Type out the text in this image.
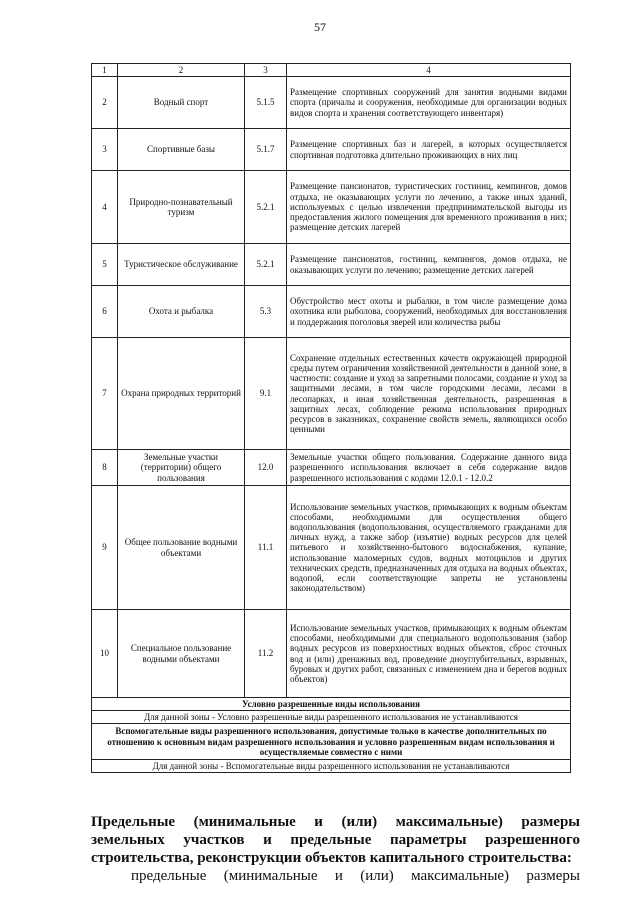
57
1	2	3	4
2	Водный спорт	5.1.5	Размещение спортивных сооружений для занятия водными видами спорта (причалы и сооружения, необходимые для организации водных видов спорта и хранения соответствующего инвентаря)
3	Спортивные базы	5.1.7	Размещение спортивных баз и лагерей, в которых осуществляется спортивная подготовка длительно проживающих в них лиц
4	Природно-познавательный туризм	5.2.1	Размещение пансионатов, туристических гостиниц, кемпингов, домов отдыха, не оказывающих услуги по лечению, а также иных зданий, используемых с целью извлечения предпринимательской выгоды из предоставления жилого помещения для временного проживания в них; размещение детских лагерей
5	Туристическое обслуживание	5.2.1	Размещение пансионатов, гостиниц, кемпингов, домов отдыха, не оказывающих услуги по лечению; размещение детских лагерей
6	Охота и рыбалка	5.3	Обустройство мест охоты и рыбалки, в том числе размещение дома охотника или рыболова, сооружений, необходимых для восстановления и поддержания поголовья зверей или количества рыбы
7	Охрана природных территорий	9.1	Сохранение отдельных естественных качеств окружающей природной среды путем ограничения хозяйственной деятельности в данной зоне, в частности: создание и уход за запретными полосами, создание и уход за защитными лесами, в том числе городскими лесами, лесами в лесопарках, и иная хозяйственная деятельность, разрешенная в защитных лесах, соблюдение режима использования природных ресурсов в заказниках, сохранение свойств земель, являющихся особо ценными
8	Земельные участки (территории) общего пользования	12.0	Земельные участки общего пользования. Содержание данного вида разрешенного использования включает в себя содержание видов разрешенного использования с кодами 12.0.1 - 12.0.2
9	Общее пользование водными объектами	11.1	Использование земельных участков, примыкающих к водным объектам способами, необходимыми для осуществления общего водопользования (водопользования, осуществляемого гражданами для личных нужд, а также забор (изъятие) водных ресурсов для целей питьевого и хозяйственно-бытового водоснабжения, купание, использование маломерных судов, водных мотоциклов и других технических средств, предназначенных для отдыха на водных объектах, водопой, если соответствующие запреты не установлены законодательством)
10	Специальное пользование водными объектами	11.2	Использование земельных участков, примыкающих к водным объектам способами, необходимыми для специального водопользования (забор водных ресурсов из поверхностных водных объектов, сброс сточных вод и (или) дренажных вод, проведение дноуглубительных, взрывных, буровых и других работ, связанных с изменением дна и берегов водных объектов)
Условно разрешенные виды использования			
Для данной зоны - Условно разрешенные виды разрешенного использования не устанавливаются			
Вспомогательные виды разрешенного использования, допустимые только в качестве дополнительных по отношению к основным видам разрешенного использования и условно разрешенным видам использования и осуществляемые совместно с ними			
Для данной зоны - Вспомогательные виды разрешенного использования не устанавливаются			
Предельные (минимальные и (или) максимальные) размеры
земельных участков и предельные параметры разрешенного
строительства, реконструкции объектов капитального строительства:
предельные (минимальные и (или) максимальные) размеры
